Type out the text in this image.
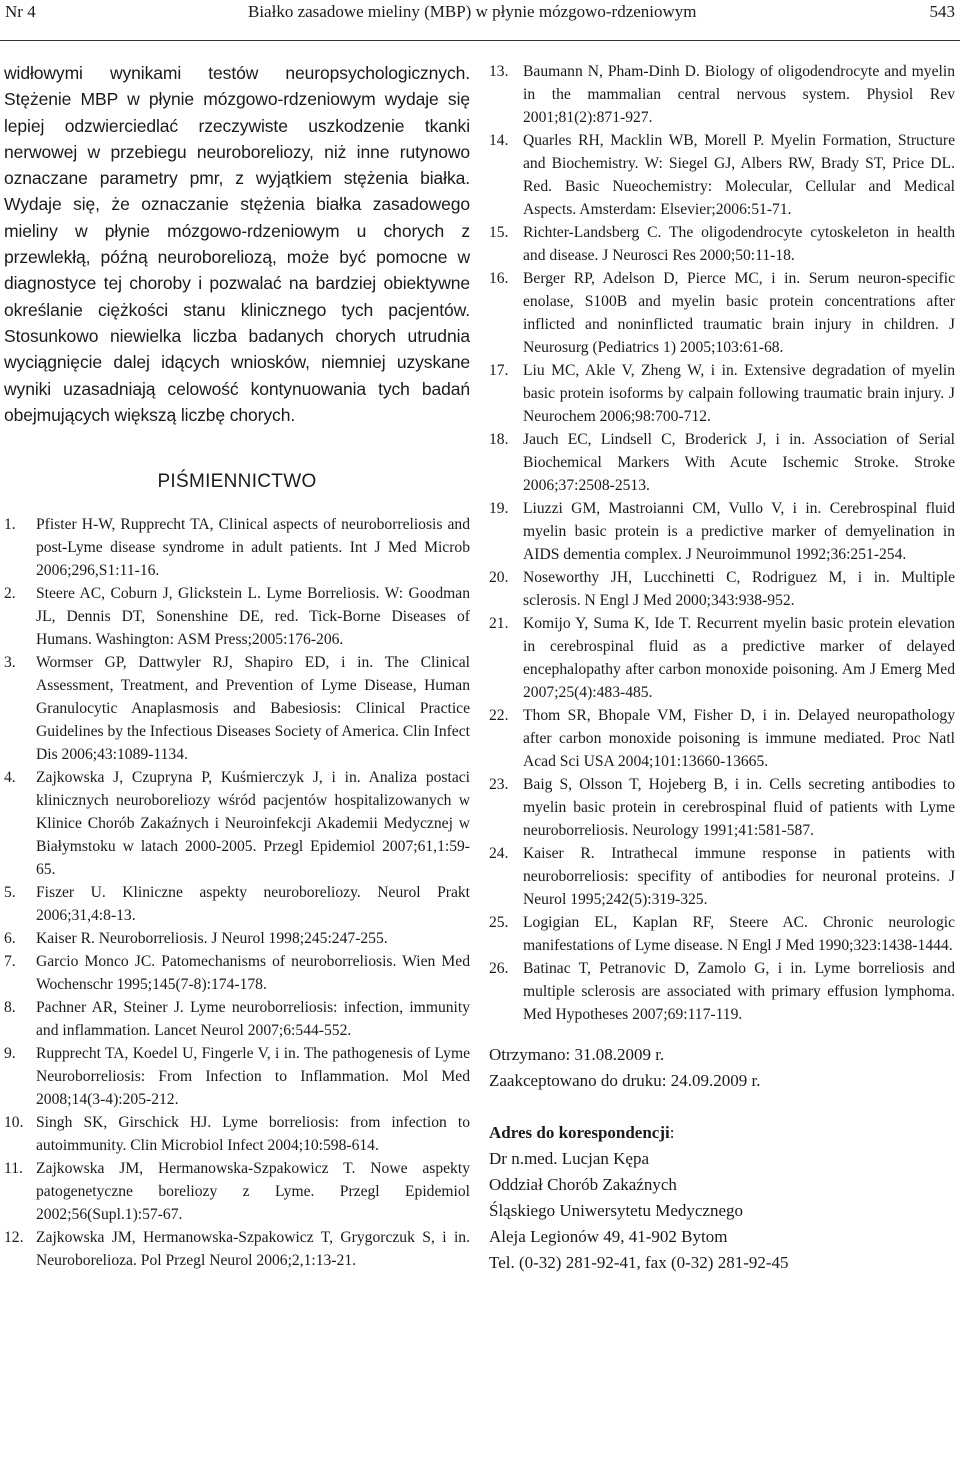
Nr 4	Białko zasadowe mieliny (MBP) w płynie mózgowo-rdzeniowym	543

widłowymi wynikami testów neuropsychologicznych. Stężenie MBP w płynie mózgowo-rdzeniowym wydaje się lepiej odzwierciedlać rzeczywiste uszkodzenie tkanki nerwowej w przebiegu neuroboreliozy, niż inne rutynowo oznaczane parametry pmr, z wyjątkiem stężenia białka. Wydaje się, że oznaczanie stężenia białka zasadowego mieliny w płynie mózgowo-rdzeniowym u chorych z przewlekłą, późną neuroboreliozą, może być pomocne w diagnostyce tej choroby i pozwalać na bardziej obiektywne określanie ciężkości stanu klinicznego tych pacjentów. Stosunkowo niewielka liczba badanych chorych utrudnia wyciągnięcie dalej idących wniosków, niemniej uzyskane wyniki uzasadniają celowość kontynuowania tych badań obejmujących większą liczbę chorych.

PIŚMIENNICTWO
1. Pfister H-W, Rupprecht TA, Clinical aspects of neuroborreliosis and post-Lyme disease syndrome in adult patients. Int J Med Microb 2006;296,S1:11-16.
2. Steere AC, Coburn J, Glickstein L. Lyme Borreliosis. W: Goodman JL, Dennis DT, Sonenshine DE, red. Tick-Borne Diseases of Humans. Washington: ASM Press;2005:176-206.
3. Wormser GP, Dattwyler RJ, Shapiro ED, i in. The Clinical Assessment, Treatment, and Prevention of Lyme Disease, Human Granulocytic Anaplasmosis and Babesiosis: Clinical Practice Guidelines by the Infectious Diseases Society of America. Clin Infect Dis 2006;43:1089-1134.
4. Zajkowska J, Czupryna P, Kuśmierczyk J, i in. Analiza postaci klinicznych neuroboreliozy wśród pacjentów hospitalizowanych w Klinice Chorób Zakaźnych i Neuroinfekcji Akademii Medycznej w Białymstoku w latach 2000-2005. Przegl Epidemiol 2007;61,1:59-65.
5. Fiszer U. Kliniczne aspekty neuroboreliozy. Neurol Prakt 2006;31,4:8-13.
6. Kaiser R. Neuroborreliosis. J Neurol 1998;245:247-255.
7. Garcio Monco JC. Patomechanisms of neuroborreliosis. Wien Med Wochenschr 1995;145(7-8):174-178.
8. Pachner AR, Steiner J. Lyme neuroborreliosis: infection, immunity and inflammation. Lancet Neurol 2007;6:544-552.
9. Rupprecht TA, Koedel U, Fingerle V, i in. The pathogenesis of Lyme Neuroborreliosis: From Infection to Inflammation. Mol Med 2008;14(3-4):205-212.
10. Singh SK, Girschick HJ. Lyme borreliosis: from infection to autoimmunity. Clin Microbiol Infect 2004;10:598-614.
11. Zajkowska JM, Hermanowska-Szpakowicz T. Nowe aspekty patogenetyczne boreliozy z Lyme. Przegl Epidemiol 2002;56(Supl.1):57-67.
12. Zajkowska JM, Hermanowska-Szpakowicz T, Grygorczuk S, i in. Neuroborelioza. Pol Przegl Neurol 2006;2,1:13-21.
13. Baumann N, Pham-Dinh D. Biology of oligodendrocyte and myelin in the mammalian central nervous system. Physiol Rev 2001;81(2):871-927.
14. Quarles RH, Macklin WB, Morell P. Myelin Formation, Structure and Biochemistry. W: Siegel GJ, Albers RW, Brady ST, Price DL. Red. Basic Nueochemistry: Molecular, Cellular and Medical Aspects. Amsterdam: Elsevier;2006:51-71.
15. Richter-Landsberg C. The oligodendrocyte cytoskeleton in health and disease. J Neurosci Res 2000;50:11-18.
16. Berger RP, Adelson D, Pierce MC, i in. Serum neuron-specific enolase, S100B and myelin basic protein concentrations after inflicted and noninflicted traumatic brain injury in children. J Neurosurg (Pediatrics 1) 2005;103:61-68.
17. Liu MC, Akle V, Zheng W, i in. Extensive degradation of myelin basic protein isoforms by calpain following traumatic brain injury. J Neurochem 2006;98:700-712.
18. Jauch EC, Lindsell C, Broderick J, i in. Association of Serial Biochemical Markers With Acute Ischemic Stroke. Stroke 2006;37:2508-2513.
19. Liuzzi GM, Mastroianni CM, Vullo V, i in. Cerebrospinal fluid myelin basic protein is a predictive marker of demyelination in AIDS dementia complex. J Neuroimmunol 1992;36:251-254.
20. Noseworthy JH, Lucchinetti C, Rodriguez M, i in. Multiple sclerosis. N Engl J Med 2000;343:938-952.
21. Komijo Y, Suma K, Ide T. Recurrent myelin basic protein elevation in cerebrospinal fluid as a predictive marker of delayed encephalopathy after carbon monoxide poisoning. Am J Emerg Med 2007;25(4):483-485.
22. Thom SR, Bhopale VM, Fisher D, i in. Delayed neuropathology after carbon monoxide poisoning is immune mediated. Proc Natl Acad Sci USA 2004;101:13660-13665.
23. Baig S, Olsson T, Hojeberg B, i in. Cells secreting antibodies to myelin basic protein in cerebrospinal fluid of patients with Lyme neuroborreliosis. Neurology 1991;41:581-587.
24. Kaiser R. Intrathecal immune response in patients with neuroborreliosis: specifity of antibodies for neuronal proteins. J Neurol 1995;242(5):319-325.
25. Logigian EL, Kaplan RF, Steere AC. Chronic neurologic manifestations of Lyme disease. N Engl J Med 1990;323:1438-1444.
26. Batinac T, Petranovic D, Zamolo G, i in. Lyme borreliosis and multiple sclerosis are associated with primary effusion lymphoma. Med Hypotheses 2007;69:117-119.
Otrzymano: 31.08.2009 r.
Zaakceptowano do druku: 24.09.2009 r.
Adres do korespondencji:
Dr n.med. Lucjan Kępa
Oddział Chorób Zakaźnych
Śląskiego Uniwersytetu Medycznego
Aleja Legionów 49, 41-902 Bytom
Tel. (0-32) 281-92-41, fax (0-32) 281-92-45
